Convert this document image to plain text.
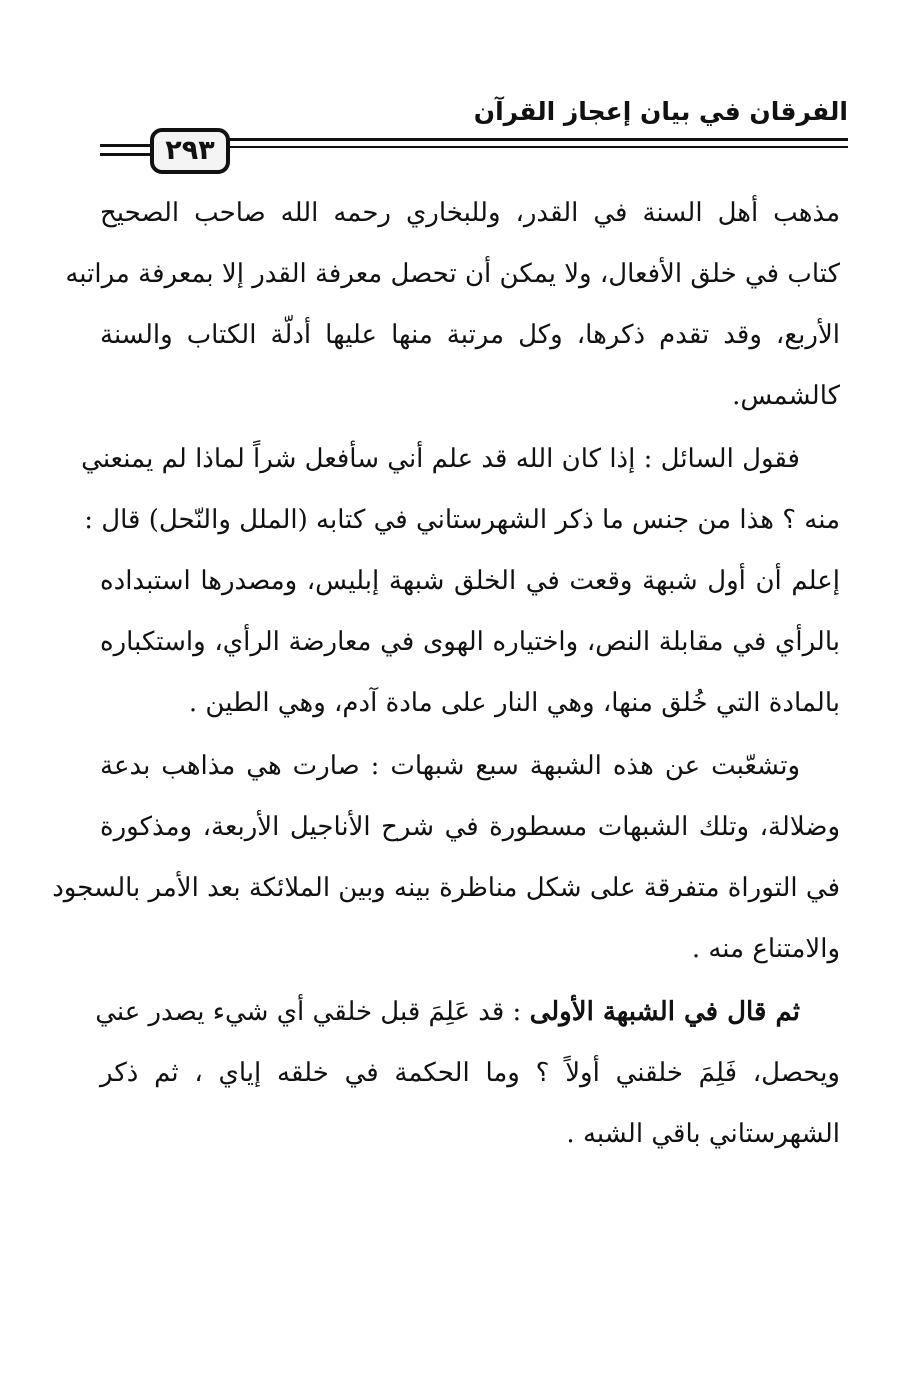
الفرقان في بيان إعجاز القرآن
٢٩٣
مذهب أهل السنة في القدر، وللبخاري رحمه الله صاحب الصحيح
كتاب في خلق الأفعال، ولا يمكن أن تحصل معرفة القدر إلا بمعرفة مراتبه
الأربع، وقد تقدم ذكرها، وكل مرتبة منها عليها أدلّة الكتاب والسنة
كالشمس.
فقول السائل : إذا كان الله قد علم أني سأفعل شراً لماذا لم يمنعني
منه ؟ هذا من جنس ما ذكر الشهرستاني في كتابه (الملل والنّحل) قال :
إعلم أن أول شبهة وقعت في الخلق شبهة إبليس، ومصدرها استبداده
بالرأي في مقابلة النص، واختياره الهوى في معارضة الرأي، واستكباره
بالمادة التي خُلق منها، وهي النار على مادة آدم، وهي الطين .
وتشعّبت عن هذه الشبهة سبع شبهات : صارت هي مذاهب بدعة
وضلالة، وتلك الشبهات مسطورة في شرح الأناجيل الأربعة، ومذكورة
في التوراة متفرقة على شكل مناظرة بينه وبين الملائكة بعد الأمر بالسجود
والامتناع منه .
ثم قال في الشبهة الأولى : قد عَلِمَ قبل خلقي أي شيء يصدر عني
ويحصل، فَلِمَ خلقني أولاً ؟ وما الحكمة في خلقه إياي ، ثم ذكر
الشهرستاني باقي الشبه .
